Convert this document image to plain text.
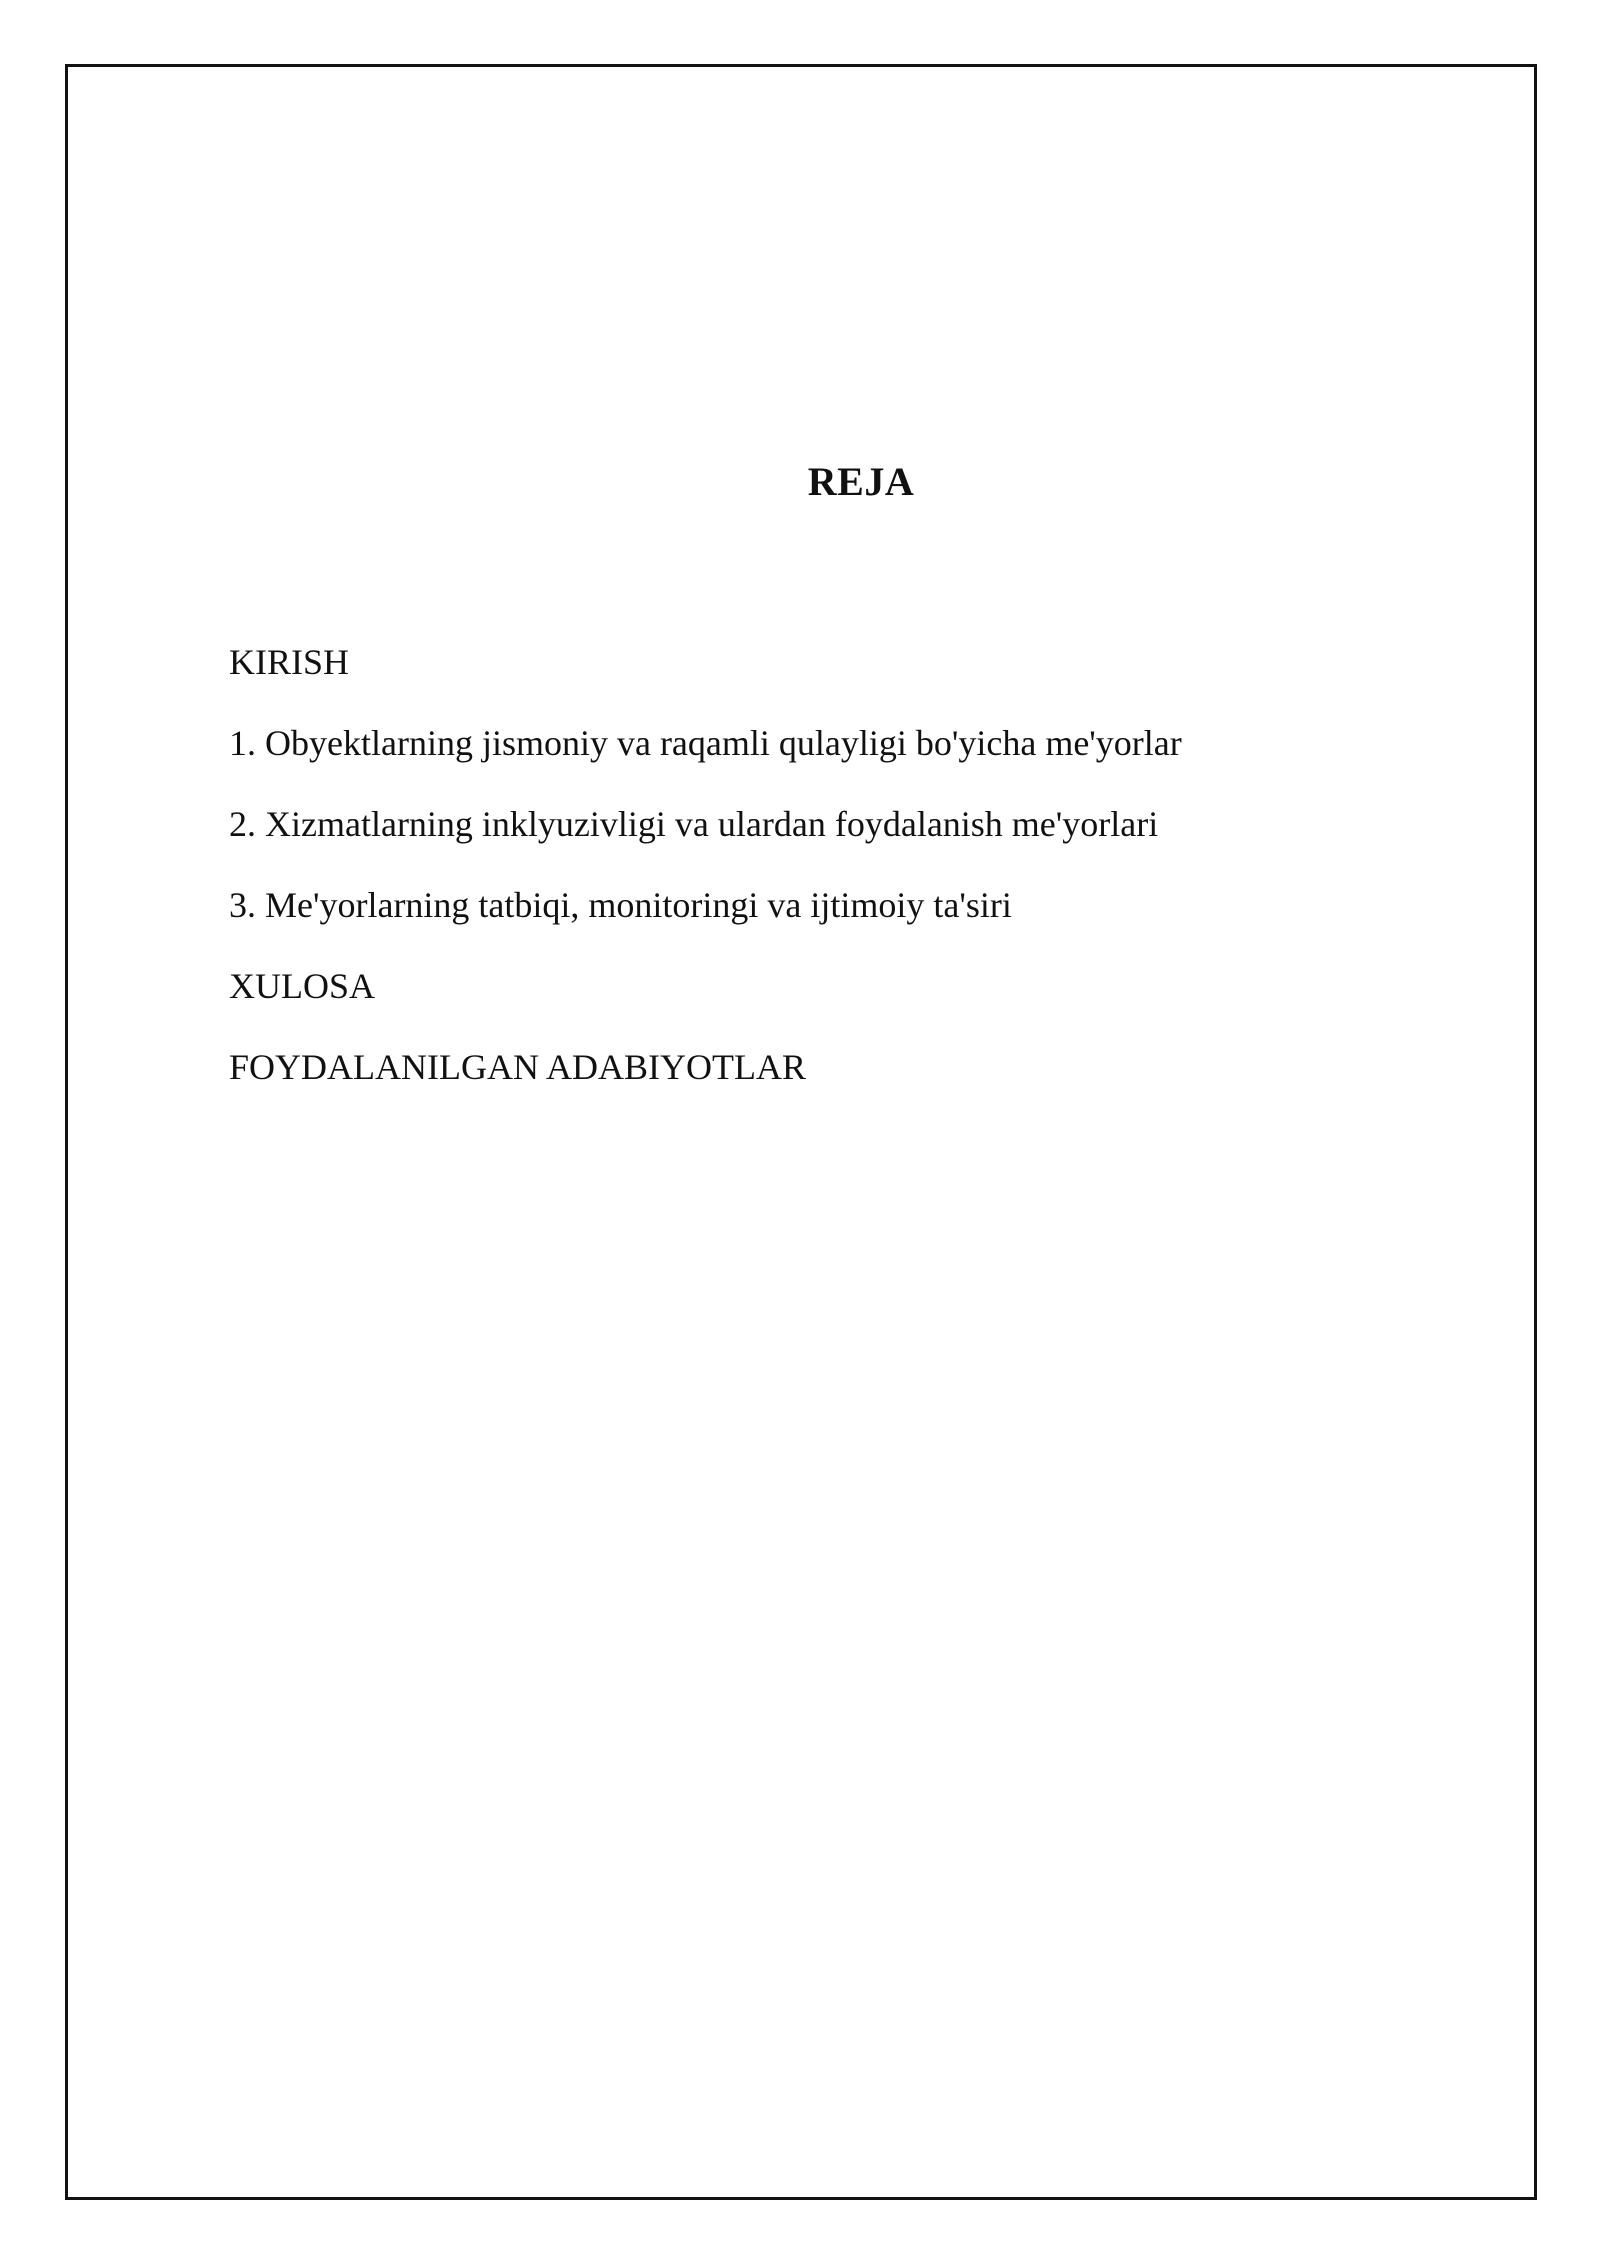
REJA
KIRISH
1. Obyektlarning jismoniy va raqamli qulayligi bo'yicha me'yorlar
2. Xizmatlarning inklyuzivligi va ulardan foydalanish me'yorlari
3. Me'yorlarning tatbiqi, monitoringi va ijtimoiy ta'siri
XULOSA
FOYDALANILGAN ADABIYOTLAR
